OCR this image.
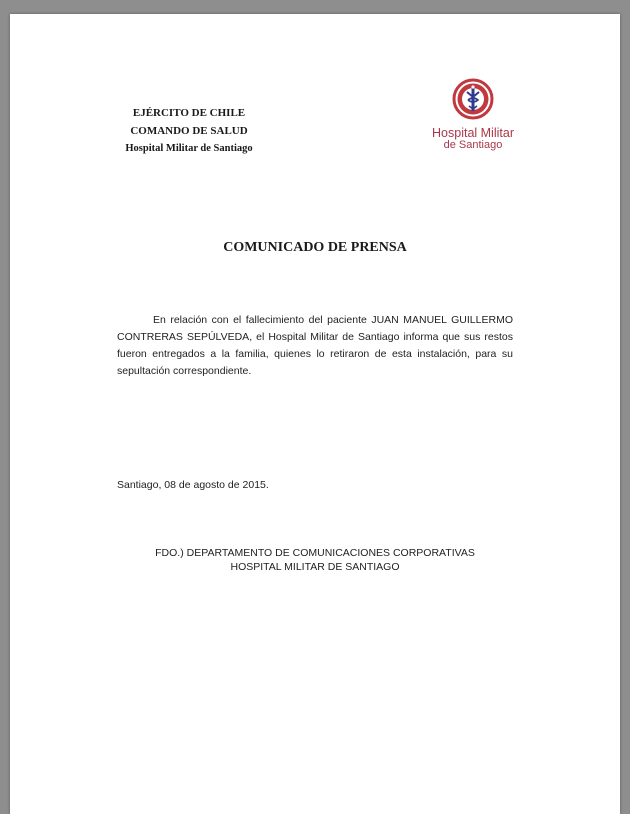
EJÉRCITO DE CHILE
COMANDO DE SALUD
Hospital Militar de Santiago
Hospital Militar
de Santiago
COMUNICADO DE PRENSA
En relación con el fallecimiento del paciente JUAN MANUEL GUILLERMO CONTRERAS SEPÚLVEDA, el Hospital Militar de Santiago informa que sus restos fueron entregados a la familia, quienes lo retiraron de esta instalación, para su sepultación correspondiente.
Santiago, 08 de agosto de 2015.
FDO.) DEPARTAMENTO DE COMUNICACIONES CORPORATIVAS
HOSPITAL MILITAR DE SANTIAGO
